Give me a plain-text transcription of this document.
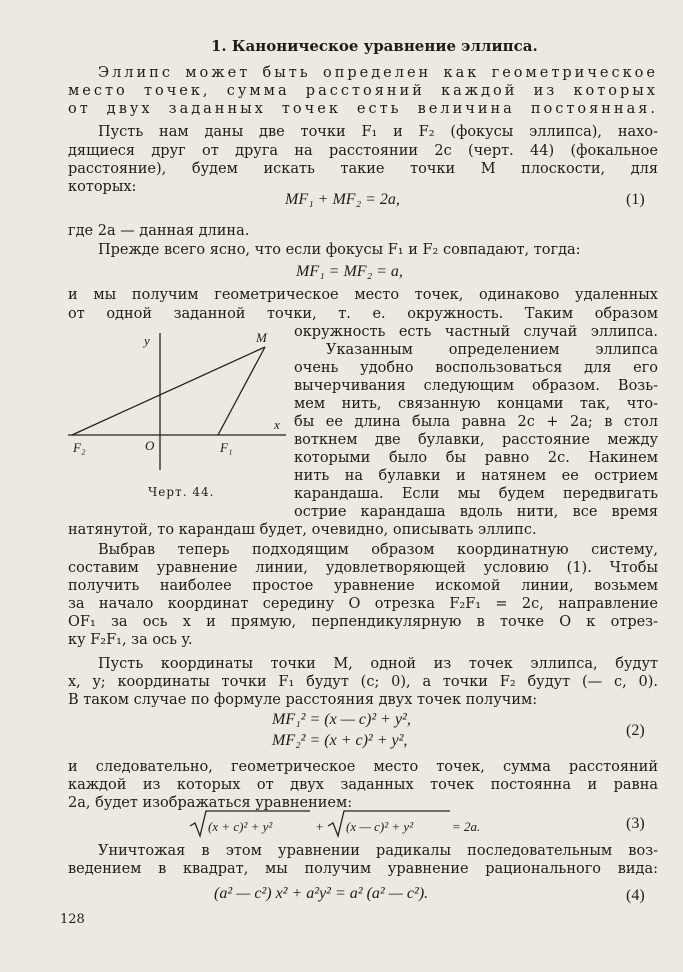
1. Каноническое уравнение эллипса.
Эллипс может быть определен как геометрическое
место точек, сумма расстояний каждой из которых
от двух заданных точек есть величина постоянная.
Пусть нам даны две точки F₁ и F₂ (фокусы эллипса), нахо-
дящиеся друг от друга на расстоянии 2c (черт. 44) (фокальное
расстояние), будем искать такие точки M плоскости, для
которых:
MF₁ + MF₂ = 2a,	(1)
где 2a — данная длина.
Прежде всего ясно, что если фокусы F₁ и F₂ совпадают, тогда:
MF₁ = MF₂ = a,
и мы получим геометрическое место точек, одинаково удаленных
от одной заданной точки, т. е. окружность. Таким образом
окружность есть частный случай эллипса.
Указанным определением эллипса
очень удобно воспользоваться для его
вычерчивания следующим образом. Возь-
мем нить, связанную концами так, что-
бы ее длина была равна 2c + 2a; в стол
воткнем две булавки, расстояние между
которыми было бы равно 2c. Накинем
нить на булавки и натянем ее острием
карандаша. Если мы будем передвигать
острие карандаша вдоль нити, все время
натянутой, то карандаш будет, очевидно, описывать эллипс.
y	M
x
F₂	O	F₁
Черт. 44.
Выбрав теперь подходящим образом координатную систему,
составим уравнение линии, удовлетворяющей условию (1). Чтобы
получить наиболее простое уравнение искомой линии, возьмем
за начало координат середину O отрезка F₂F₁ = 2c, направление
OF₁ за ось x и прямую, перпендикулярную в точке O к отрез-
ку F₂F₁, за ось y.
Пусть координаты точки M, одной из точек эллипса, будут
x, y; координаты точки F₁ будут (c; 0), а точки F₂ будут (— c, 0).
В таком случае по формуле расстояния двух точек получим:
MF₁² = (x — c)² + y²,
MF₂² = (x + c)² + y²,
(2)
и следовательно, геометрическое место точек, сумма расстояний
каждой из которых от двух заданных точек постоянна и равна
2a, будет изображаться уравнением:
(x + c)² + y²	+ (x — c)² + y²	= 2a.	(3)
Уничтожая в этом уравнении радикалы последовательным воз-
ведением в квадрат, мы получим уравнение рационального вида:
(a² — c²) x² + a²y² = a² (a² — c²).	(4)
128
